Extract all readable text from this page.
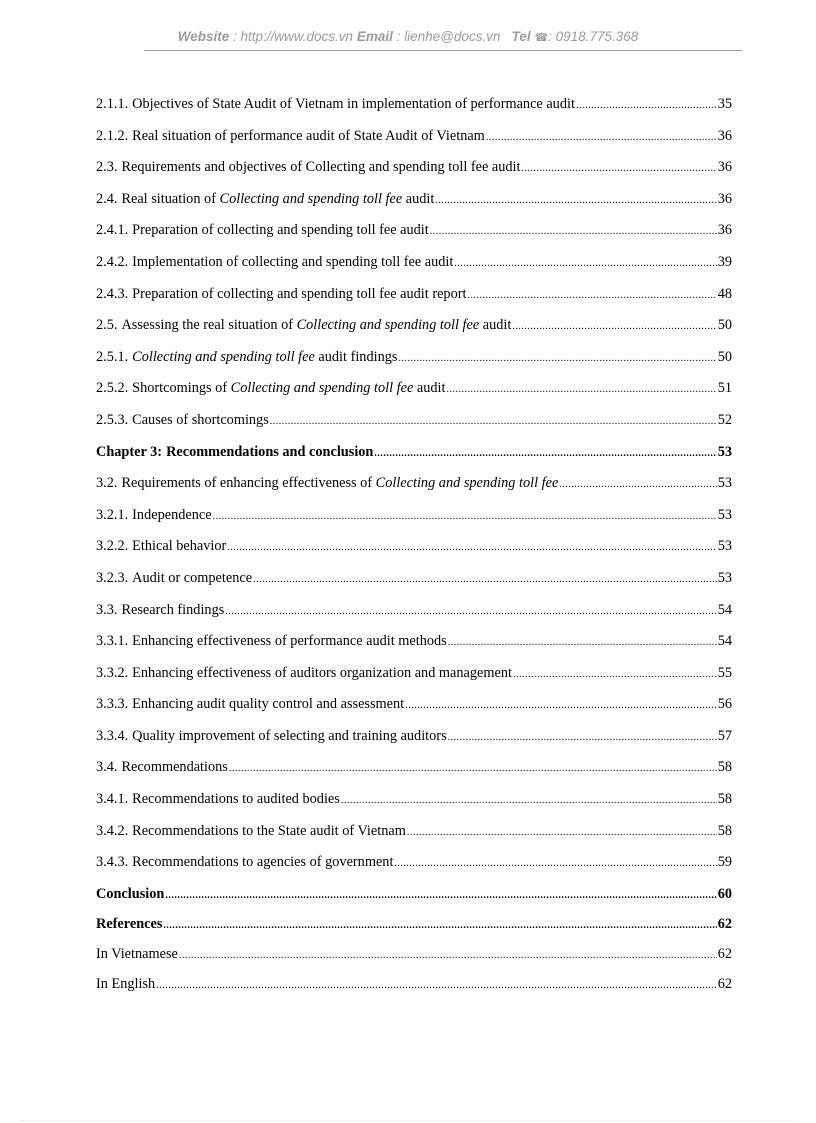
Website : http://www.docs.vn Email : lienhe@docs.vn Tel ☎: 0918.775.368
2.1.1. Objectives of State Audit of Vietnam in implementation of performance audit .....	35
2.1.2. Real situation of performance audit of State Audit of Vietnam .....	36
2.3. Requirements and objectives of Collecting and spending toll fee audit .....	36
2.4. Real situation of Collecting and spending toll fee audit .....	36
2.4.1. Preparation of collecting and spending toll fee audit .....	36
2.4.2. Implementation of collecting and spending toll fee audit .....	39
2.4.3. Preparation of collecting and spending toll fee audit report .....	48
2.5. Assessing the real situation of Collecting and spending toll fee audit .....	50
2.5.1. Collecting and spending toll fee audit findings .....	50
2.5.2. Shortcomings of Collecting and spending toll fee audit .....	51
2.5.3. Causes of shortcomings .....	52
Chapter 3: Recommendations and conclusion .....	53
3.2. Requirements of enhancing effectiveness of Collecting and spending toll fee .....	53
3.2.1. Independence .....	53
3.2.2. Ethical behavior .....	53
3.2.3. Audit or competence .....	53
3.3. Research findings .....	54
3.3.1. Enhancing effectiveness of performance audit methods .....	54
3.3.2. Enhancing effectiveness of auditors organization and management .....	55
3.3.3. Enhancing audit quality control and assessment .....	56
3.3.4. Quality improvement of selecting and training auditors .....	57
3.4. Recommendations .....	58
3.4.1. Recommendations to audited bodies .....	58
3.4.2. Recommendations to the State audit of Vietnam .....	58
3.4.3. Recommendations to agencies of government .....	59
Conclusion .....	60
References .....	62
In Vietnamese .....	62
In English .....	62
